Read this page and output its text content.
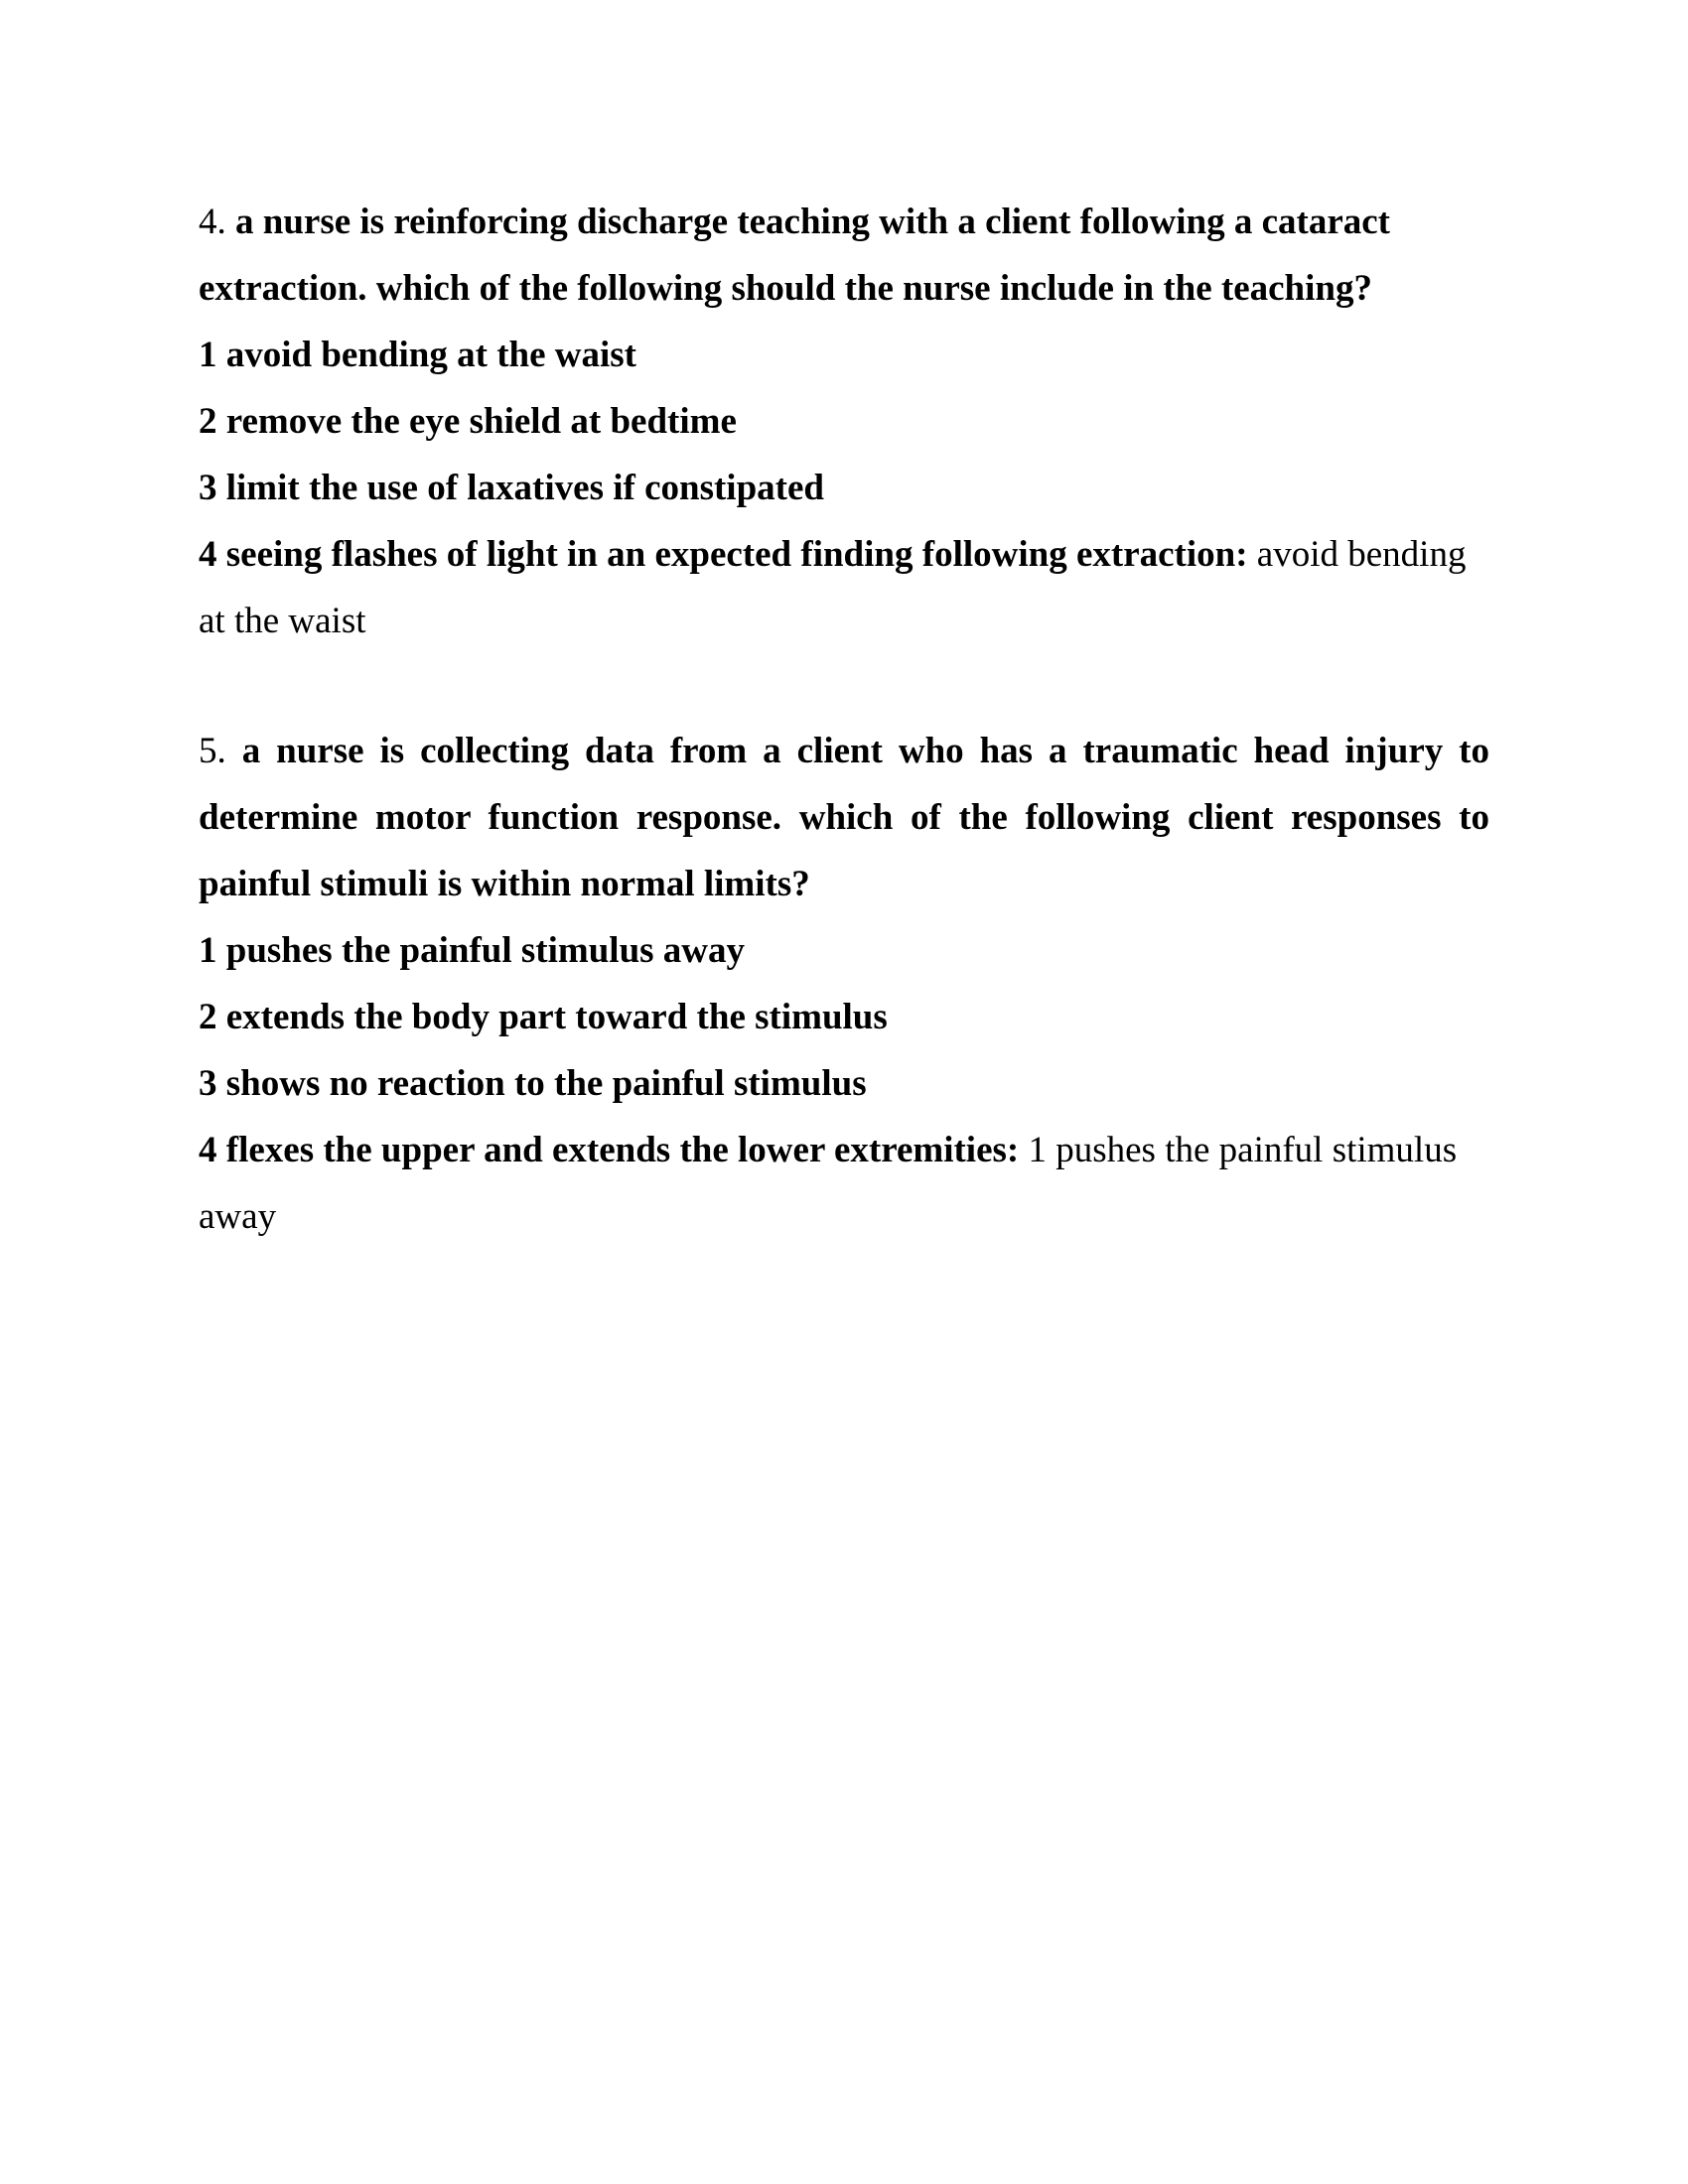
4. a nurse is reinforcing discharge teaching with a client following a cataract extraction. which of the following should the nurse include in the teaching?

1 avoid bending at the waist

2 remove the eye shield at bedtime

3 limit the use of laxatives if constipated

4 seeing flashes of light in an expected finding following extraction: avoid bending at the waist

5. a nurse is collecting data from a client who has a traumatic head injury to determine motor function response. which of the following client responses to painful stimuli is within normal limits?

1 pushes the painful stimulus away

2 extends the body part toward the stimulus

3 shows no reaction to the painful stimulus

4 flexes the upper and extends the lower extremities: 1 pushes the painful stimulus away
